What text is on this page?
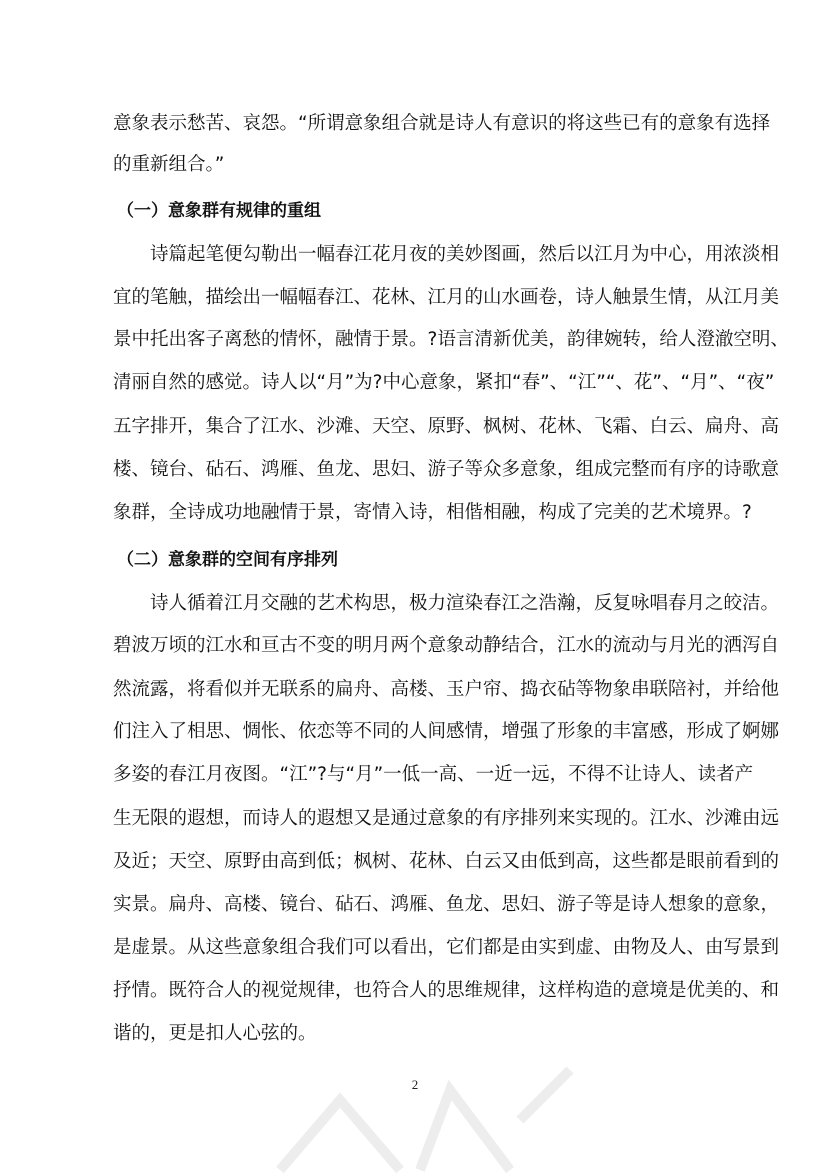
意象表示愁苦、哀怨。“所谓意象组合就是诗人有意识的将这些已有的意象有选择
的重新组合。”
（一）意象群有规律的重组
　　诗篇起笔便勾勒出一幅春江花月夜的美妙图画，然后以江月为中心，用浓淡相
宜的笔触，描绘出一幅幅春江、花林、江月的山水画卷，诗人触景生情，从江月美
景中托出客子离愁的情怀，融情于景。?语言清新优美，韵律婉转，给人澄澈空明、
清丽自然的感觉。诗人以“月”为?中心意象，紧扣“春”、“江”“、花”、“月”、“夜”
五字排开，集合了江水、沙滩、天空、原野、枫树、花林、飞霜、白云、扁舟、高
楼、镜台、砧石、鸿雁、鱼龙、思妇、游子等众多意象，组成完整而有序的诗歌意
象群，全诗成功地融情于景，寄情入诗，相偕相融，构成了完美的艺术境界。?
（二）意象群的空间有序排列
　　诗人循着江月交融的艺术构思，极力渲染春江之浩瀚，反复咏唱春月之皎洁。
碧波万顷的江水和亘古不变的明月两个意象动静结合，江水的流动与月光的洒泻自
然流露，将看似并无联系的扁舟、高楼、玉户帘、捣衣砧等物象串联陪衬，并给他
们注入了相思、惆怅、依恋等不同的人间感情，增强了形象的丰富感，形成了婀娜
多姿的春江月夜图。“江”?与“月”一低一高、一近一远，不得不让诗人、读者产
生无限的遐想，而诗人的遐想又是通过意象的有序排列来实现的。江水、沙滩由远
及近；天空、原野由高到低；枫树、花林、白云又由低到高，这些都是眼前看到的
实景。扁舟、高楼、镜台、砧石、鸿雁、鱼龙、思妇、游子等是诗人想象的意象，
是虚景。从这些意象组合我们可以看出，它们都是由实到虚、由物及人、由写景到
抒情。既符合人的视觉规律，也符合人的思维规律，这样构造的意境是优美的、和
谐的，更是扣人心弦的。
2
